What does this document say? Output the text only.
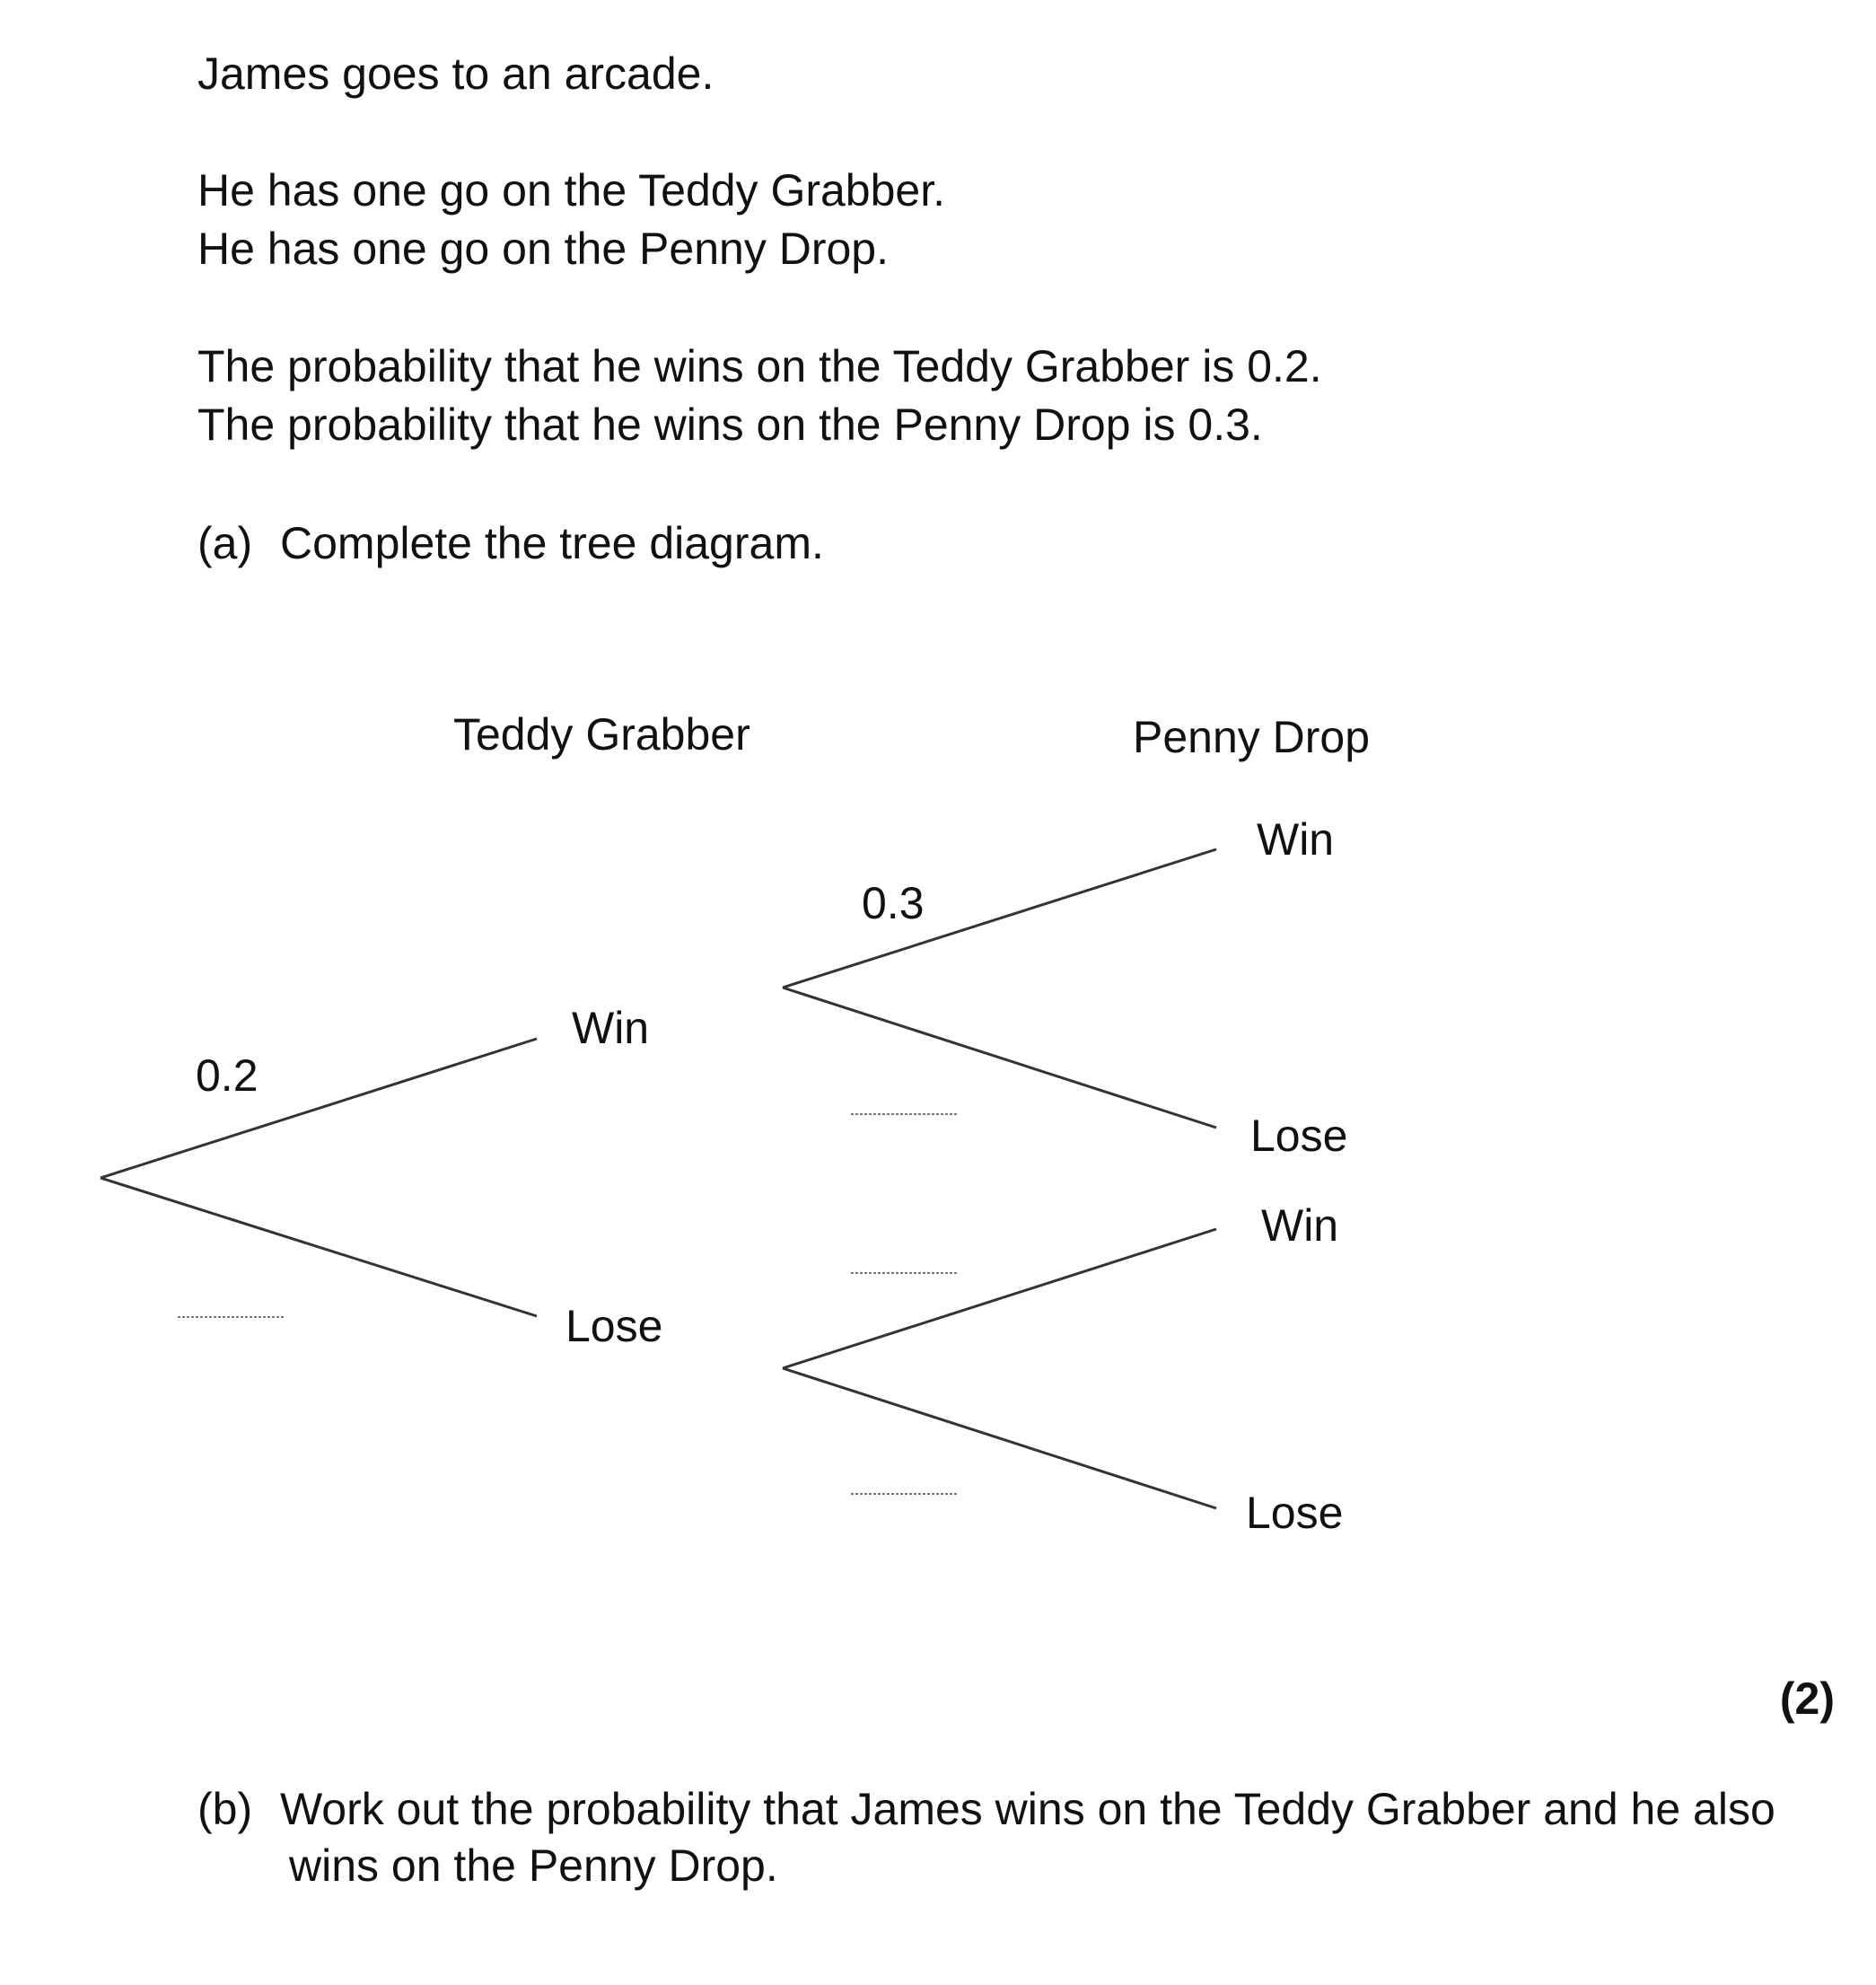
James goes to an arcade.

He has one go on the Teddy Grabber.

He has one go on the Penny Drop.

The probability that he wins on the Teddy Grabber is 0.2.

The probability that he wins on the Penny Drop is 0.3.

(a) Complete the tree diagram.

Teddy Grabber	Penny Drop
Win
Lose
Win
Lose
Win
Lose
0.2
0.3
(2)

(b) Work out the probability that James wins on the Teddy Grabber and he also

wins on the Penny Drop.
